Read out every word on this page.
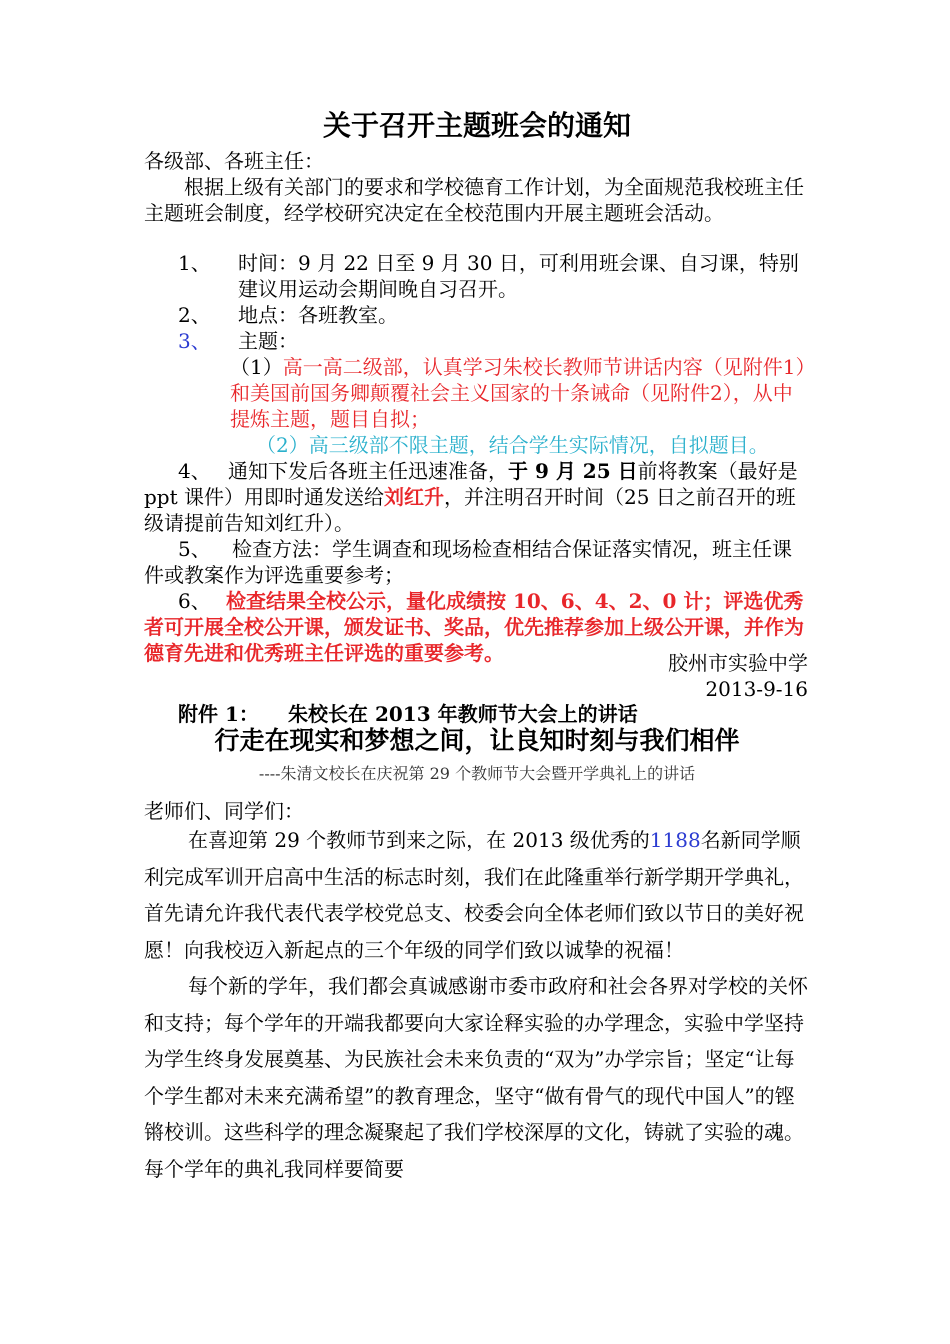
关于召开主题班会的通知
各级部、各班主任：
根据上级有关部门的要求和学校德育工作计划，为全面规范我校班主任主题班会制度，经学校研究决定在全校范围内开展主题班会活动。
1、	时间：9 月 22 日至 9 月 30 日，可利用班会课、自习课，特别建议用运动会期间晚自习召开。
2、	地点：各班教室。
3、	主题：
（1）高一高二级部，认真学习朱校长教师节讲话内容（见附件1）和美国前国务卿颠覆社会主义国家的十条诫命（见附件2），从中提炼主题，题目自拟；
（2）高三级部不限主题，结合学生实际情况，自拟题目。
4、 通知下发后各班主任迅速准备，于 9 月 25 日前将教案（最好是 ppt 课件）用即时通发送给刘红升，并注明召开时间（25 日之前召开的班级请提前告知刘红升）。
5、 检查方法：学生调查和现场检查相结合保证落实情况，班主任课件或教案作为评选重要参考；
6、 检查结果全校公示，量化成绩按 10、6、4、2、0 计；评选优秀者可开展全校公开课，颁发证书、奖品，优先推荐参加上级公开课，并作为德育先进和优秀班主任评选的重要参考。	胶州市实验中学
2013-9-16
附件 1： 朱校长在 2013 年教师节大会上的讲话
行走在现实和梦想之间，让良知时刻与我们相伴
----朱清文校长在庆祝第 29 个教师节大会暨开学典礼上的讲话
老师们、同学们：

在喜迎第 29 个教师节到来之际，在 2013 级优秀的1188名新同学顺利完成军训开启高中生活的标志时刻，我们在此隆重举行新学期开学典礼，首先请允许我代表代表学校党总支、校委会向全体老师们致以节日的美好祝愿！向我校迈入新起点的三个年级的同学们致以诚挚的祝福！

每个新的学年，我们都会真诚感谢市委市政府和社会各界对学校的关怀和支持；每个学年的开端我都要向大家诠释实验的办学理念，实验中学坚持为学生终身发展奠基、为民族社会未来负责的“双为”办学宗旨；坚定“让每个学生都对未来充满希望”的教育理念，坚守“做有骨气的现代中国人”的铿锵校训。这些科学的理念凝聚起了我们学校深厚的文化，铸就了实验的魂。每个学年的典礼我同样要简要
